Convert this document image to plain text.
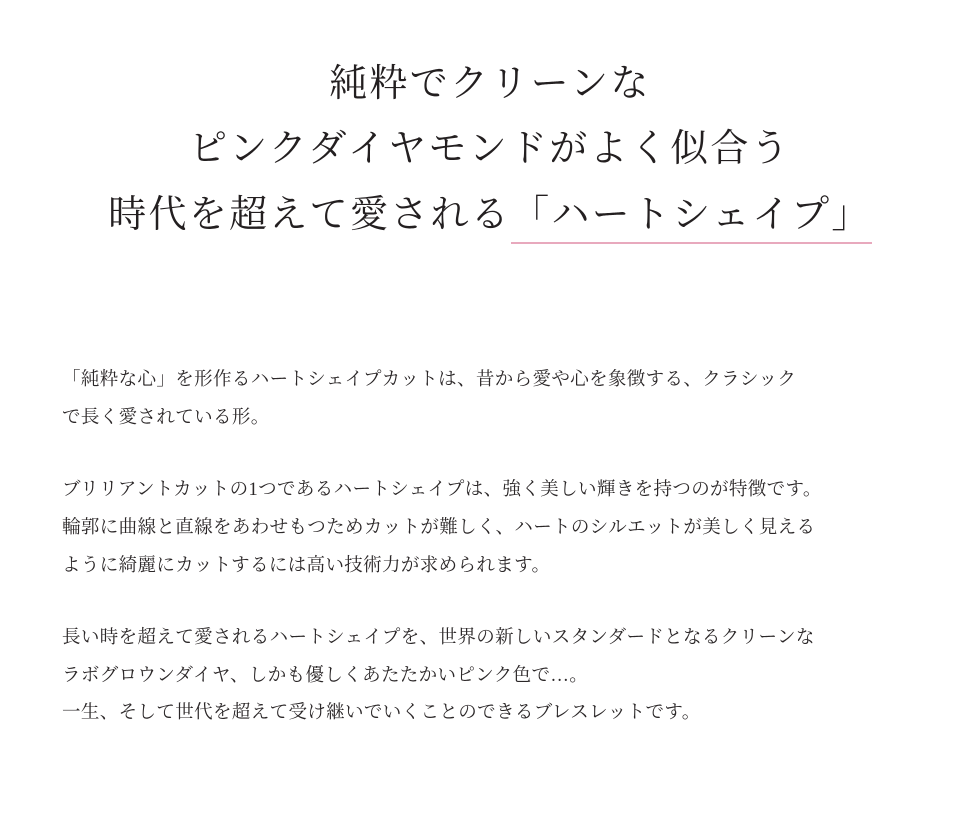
純粋でクリーンな
ピンクダイヤモンドがよく似合う
時代を超えて愛される「ハートシェイプ」

「純粋な心」を形作るハートシェイプカットは、昔から愛や心を象徴する、クラシック
で長く愛されている形。

ブリリアントカットの1つであるハートシェイプは、強く美しい輝きを持つのが特徴です。
輪郭に曲線と直線をあわせもつためカットが難しく、ハートのシルエットが美しく見える
ように綺麗にカットするには高い技術力が求められます。

長い時を超えて愛されるハートシェイプを、世界の新しいスタンダードとなるクリーンな
ラボグロウンダイヤ、しかも優しくあたたかいピンク色で…。
一生、そして世代を超えて受け継いでいくことのできるブレスレットです。
